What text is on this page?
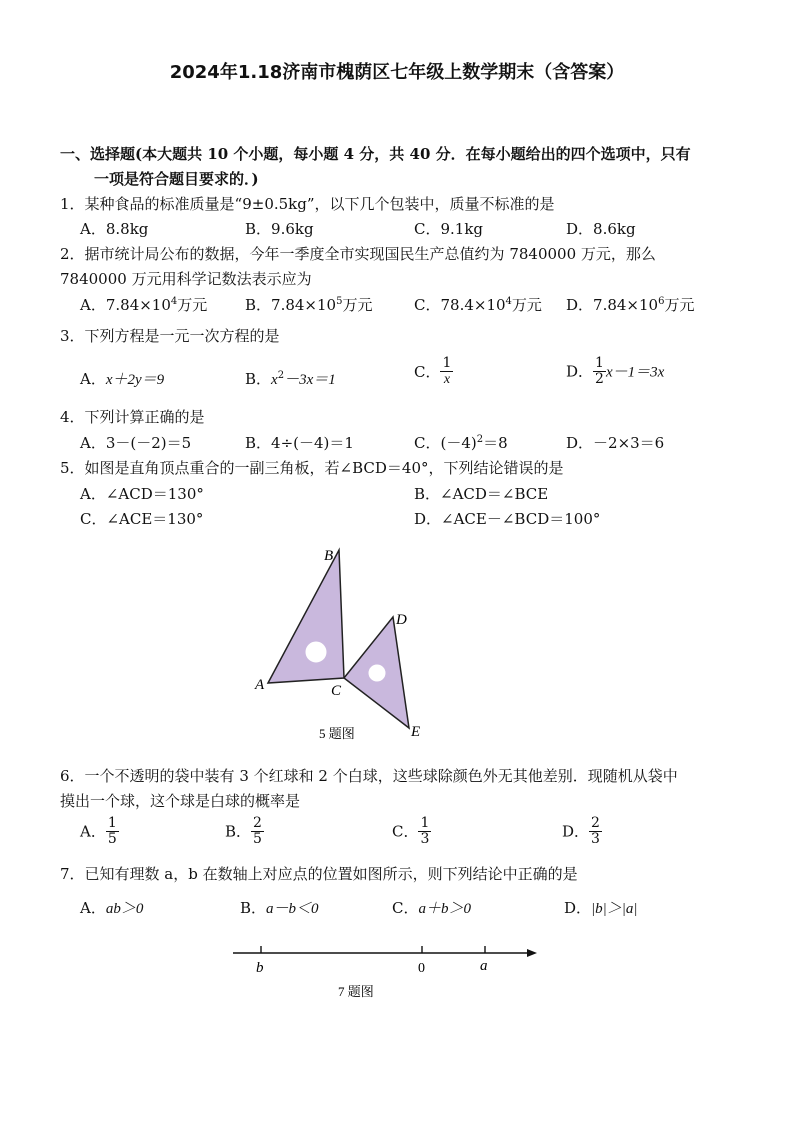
2024年1.18济南市槐荫区七年级上数学期末（含答案）
一、选择题(本大题共 10 个小题，每小题 4 分，共 40 分．在每小题给出的四个选项中，只有
一项是符合题目要求的．)
1．某种食品的标准质量是“9±0.5kg”，以下几个包装中，质量不标准的是
A．8.8kg	B．9.6kg	C．9.1kg	D．8.6kg
2．据市统计局公布的数据，今年一季度全市实现国民生产总值约为 7840000 万元，那么
7840000 万元用科学记数法表示应为
A．$7.84\times 10^4$万元	B．$7.84\times 10^5$万元	C．$78.4\times 10^4$万元 D．$7.84\times 10^6$万元
3．下列方程是一元一次方程的是
A．x＋2y＝9	B．$x^2-3x=1$	C． $\frac{1}{x}$	D． $\frac{1}{2} x-1=3x$
4．下列计算正确的是
A．3－(－2)＝5	B．4÷(－4)＝1	C．$(-4)^2=8$	D．－2×3＝6
5．如图是直角顶点重合的一副三角板，若∠BCD＝40°，下列结论错误的是
A．∠ACD＝130°	B．∠ACD＝∠BCE
C．∠ACE＝130°	D．∠ACE－∠BCD＝100°
B
A	C
D
E
5 题图
6．一个不透明的袋中装有 3 个红球和 2 个白球，这些球除颜色外无其他差别．现随机从袋中
摸出一个球，这个球是白球的概率是
A． $\frac{1}{5}$	B． $\frac{2}{5}$	C． $\frac{1}{3}$	D． $\frac{2}{3}$
7．已知有理数 a，b 在数轴上对应点的位置如图所示，则下列结论中正确的是
A．ab＞0	B．a－b＜0	C．a＋b＞0	D．|b|＞|a|
b	0	a
7 题图
